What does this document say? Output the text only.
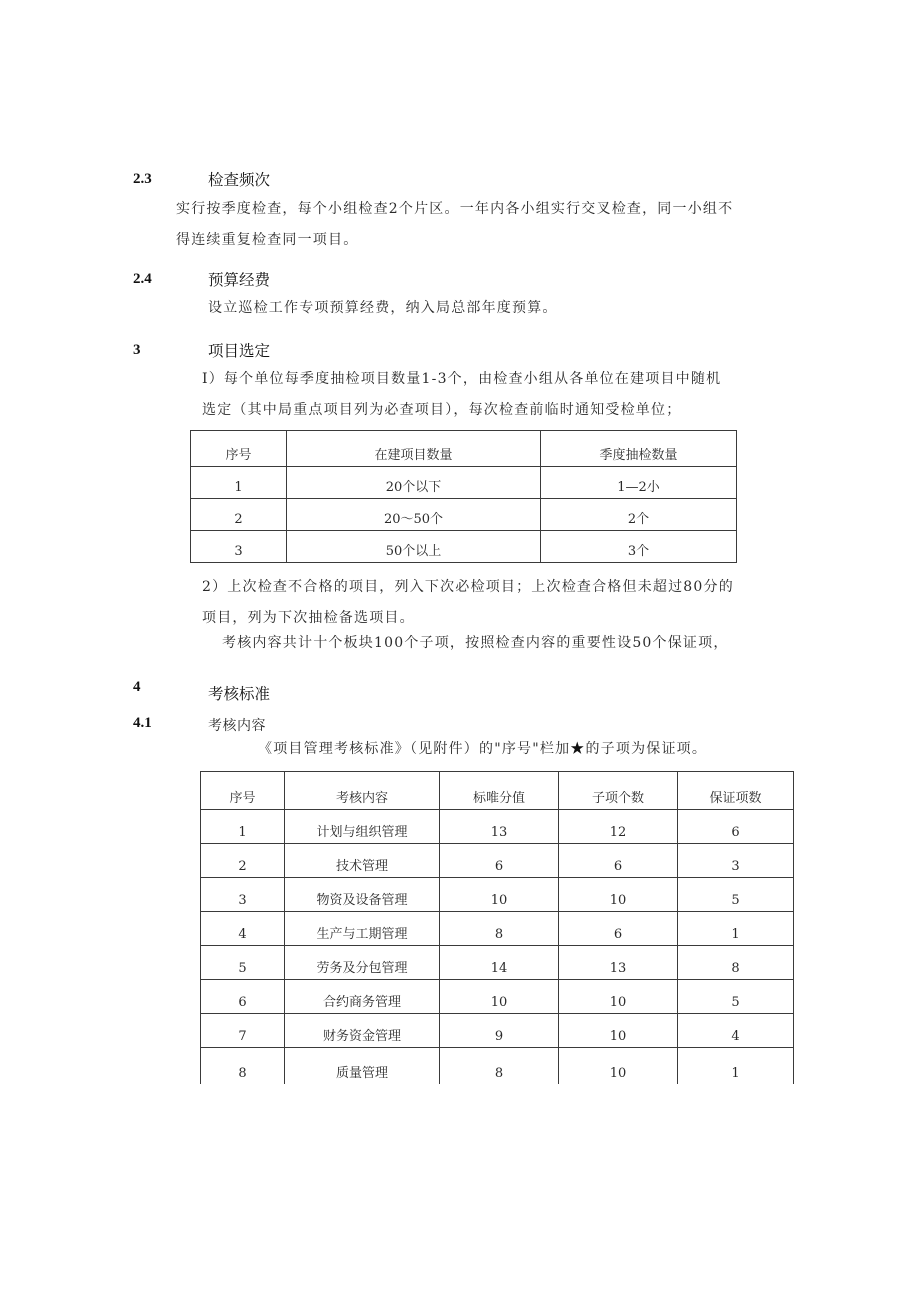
2.3	检查频次
实行按季度检查，每个小组检查2个片区。一年内各小组实行交叉检查，同一小组不
得连续重复检查同一项目。
2.4	预算经费
设立巡检工作专项预算经费，纳入局总部年度预算。
3	项目选定
I）每个单位每季度抽检项目数量1-3个，由检查小组从各单位在建项目中随机
选定（其中局重点项目列为必查项目），每次检查前临时通知受检单位；
序号	在建项目数量	季度抽检数量
1	20个以下	1—2小
2	20～50个	2个
3	50个以上	3个
2）上次检查不合格的项目，列入下次必检项目；上次检查合格但未超过80分的
项目，列为下次抽检备选项目。
考核内容共计十个板块100个子项，按照检查内容的重要性设50个保证项，
4	考核标准
4.1	考核内容
《项目管理考核标准》（见附件）的"序号"栏加★的子项为保证项。
序号	考核内容	标唯分值	子项个数	保证项数
1	计划与组织管理	13	12	6
2	技术管理	6	6	3
3	物资及设备管理	10	10	5
4	生产与工期管理	8	6	1
5	劳务及分包管理	14	13	8
6	合约商务管理	10	10	5
7	财务资金管理	9	10	4
8	质量管理	8	10	1
